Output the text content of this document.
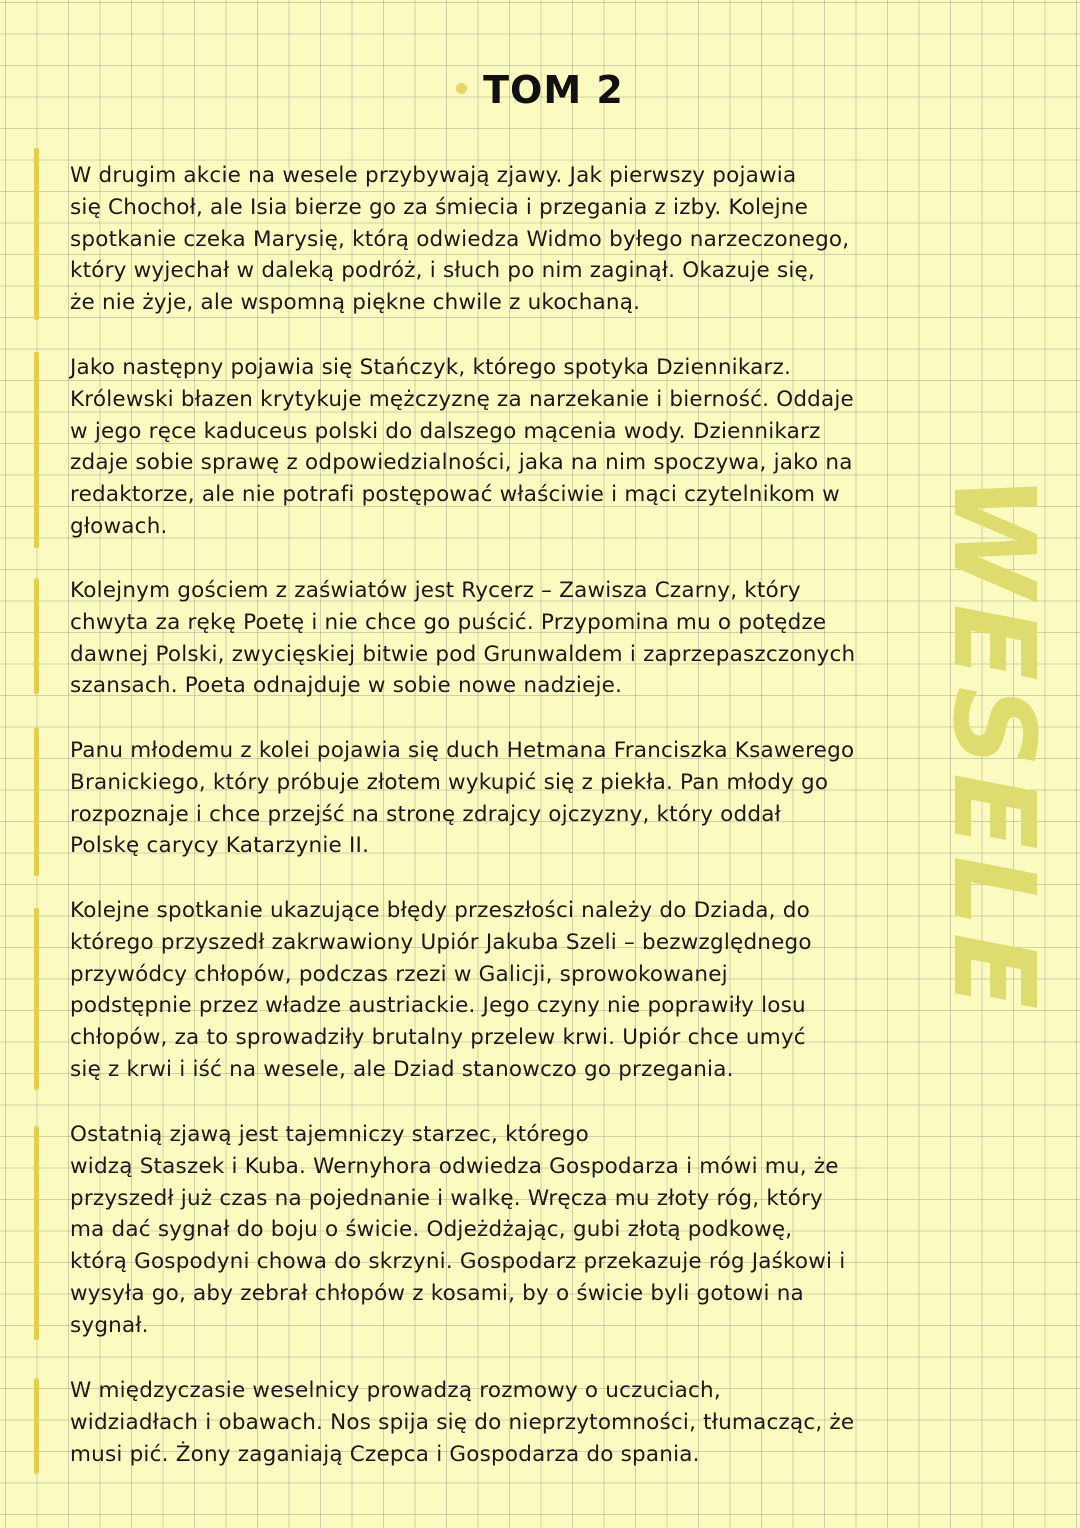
TOM 2
WESELE
W drugim akcie na wesele przybywają zjawy. Jak pierwszy pojawia
się Chochoł, ale Isia bierze go za śmiecia i przegania z izby. Kolejne
spotkanie czeka Marysię, którą odwiedza Widmo byłego narzeczonego,
który wyjechał w daleką podróż, i słuch po nim zaginął. Okazuje się,
że nie żyje, ale wspomną piękne chwile z ukochaną.
Jako następny pojawia się Stańczyk, którego spotyka Dziennikarz.
Królewski błazen krytykuje mężczyznę za narzekanie i bierność. Oddaje
w jego ręce kaduceus polski do dalszego mącenia wody. Dziennikarz
zdaje sobie sprawę z odpowiedzialności, jaka na nim spoczywa, jako na
redaktorze, ale nie potrafi postępować właściwie i mąci czytelnikom w
głowach.
Kolejnym gościem z zaświatów jest Rycerz – Zawisza Czarny, który
chwyta za rękę Poetę i nie chce go puścić. Przypomina mu o potędze
dawnej Polski, zwycięskiej bitwie pod Grunwaldem i zaprzepaszczonych
szansach. Poeta odnajduje w sobie nowe nadzieje.
Panu młodemu z kolei pojawia się duch Hetmana Franciszka Ksawerego
Branickiego, który próbuje złotem wykupić się z piekła. Pan młody go
rozpoznaje i chce przejść na stronę zdrajcy ojczyzny, który oddał
Polskę carycy Katarzynie II.
Kolejne spotkanie ukazujące błędy przeszłości należy do Dziada, do
którego przyszedł zakrwawiony Upiór Jakuba Szeli – bezwzględnego
przywódcy chłopów, podczas rzezi w Galicji, sprowokowanej
podstępnie przez władze austriackie. Jego czyny nie poprawiły losu
chłopów, za to sprowadziły brutalny przelew krwi. Upiór chce umyć
się z krwi i iść na wesele, ale Dziad stanowczo go przegania.
Ostatnią zjawą jest tajemniczy starzec, którego
widzą Staszek i Kuba. Wernyhora odwiedza Gospodarza i mówi mu, że
przyszedł już czas na pojednanie i walkę. Wręcza mu złoty róg, który
ma dać sygnał do boju o świcie. Odjeżdżając, gubi złotą podkowę,
którą Gospodyni chowa do skrzyni. Gospodarz przekazuje róg Jaśkowi i
wysyła go, aby zebrał chłopów z kosami, by o świcie byli gotowi na
sygnał.
W międzyczasie weselnicy prowadzą rozmowy o uczuciach,
widziadłach i obawach. Nos spija się do nieprzytomności, tłumacząc, że
musi pić. Żony zaganiają Czepca i Gospodarza do spania.
